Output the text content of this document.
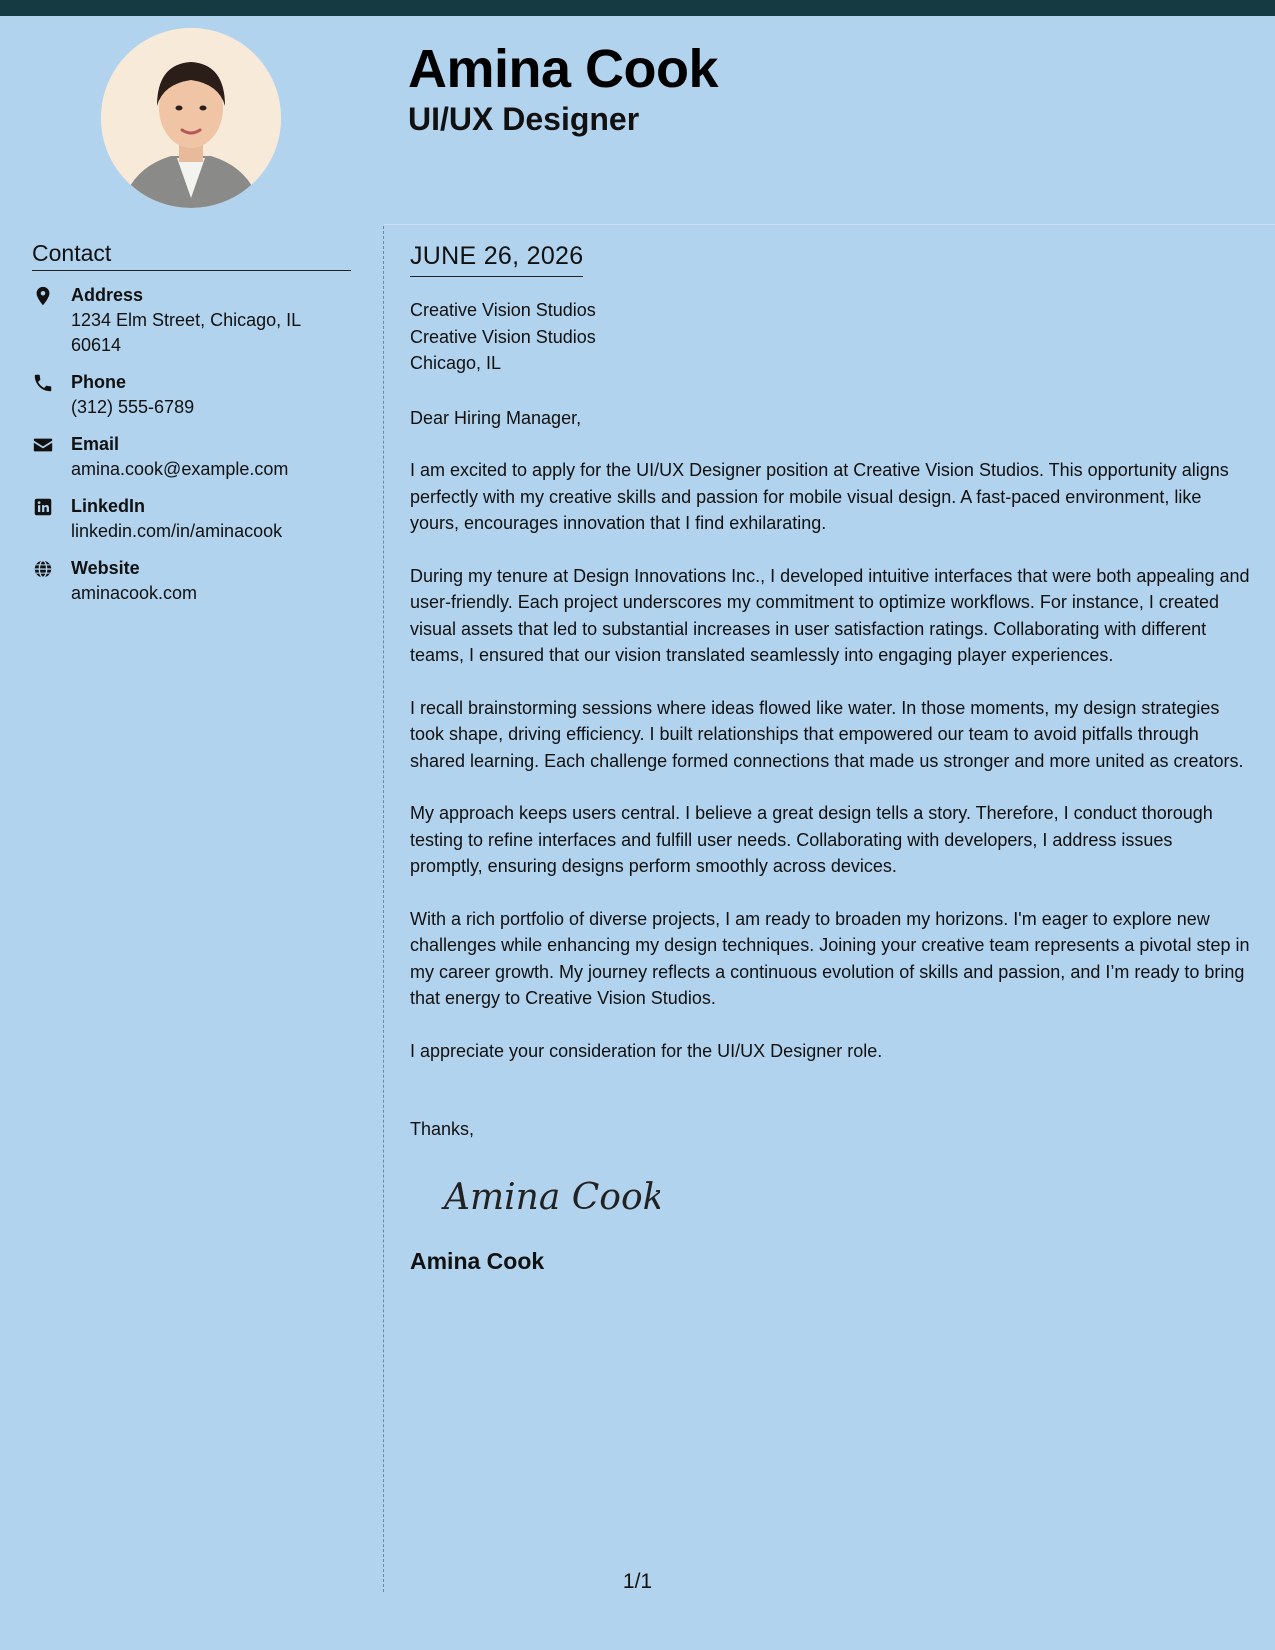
Amina Cook
UI/UX Designer
Contact
Address
1234 Elm Street, Chicago, IL 60614
Phone
(312) 555-6789
Email
amina.cook@example.com
LinkedIn
linkedin.com/in/aminacook
Website
aminacook.com
JUNE 26, 2026
Creative Vision Studios
Creative Vision Studios
Chicago, IL
Dear Hiring Manager,

I am excited to apply for the UI/UX Designer position at Creative Vision Studios. This opportunity aligns perfectly with my creative skills and passion for mobile visual design. A fast-paced environment, like yours, encourages innovation that I find exhilarating.

During my tenure at Design Innovations Inc., I developed intuitive interfaces that were both appealing and user-friendly. Each project underscores my commitment to optimize workflows. For instance, I created visual assets that led to substantial increases in user satisfaction ratings. Collaborating with different teams, I ensured that our vision translated seamlessly into engaging player experiences.

I recall brainstorming sessions where ideas flowed like water. In those moments, my design strategies took shape, driving efficiency. I built relationships that empowered our team to avoid pitfalls through shared learning. Each challenge formed connections that made us stronger and more united as creators.

My approach keeps users central. I believe a great design tells a story. Therefore, I conduct thorough testing to refine interfaces and fulfill user needs. Collaborating with developers, I address issues promptly, ensuring designs perform smoothly across devices.

With a rich portfolio of diverse projects, I am ready to broaden my horizons. I'm eager to explore new challenges while enhancing my design techniques. Joining your creative team represents a pivotal step in my career growth. My journey reflects a continuous evolution of skills and passion, and I’m ready to bring that energy to Creative Vision Studios.

I appreciate your consideration for the UI/UX Designer role.

Thanks,
Amina Cook
Amina Cook
1/1
